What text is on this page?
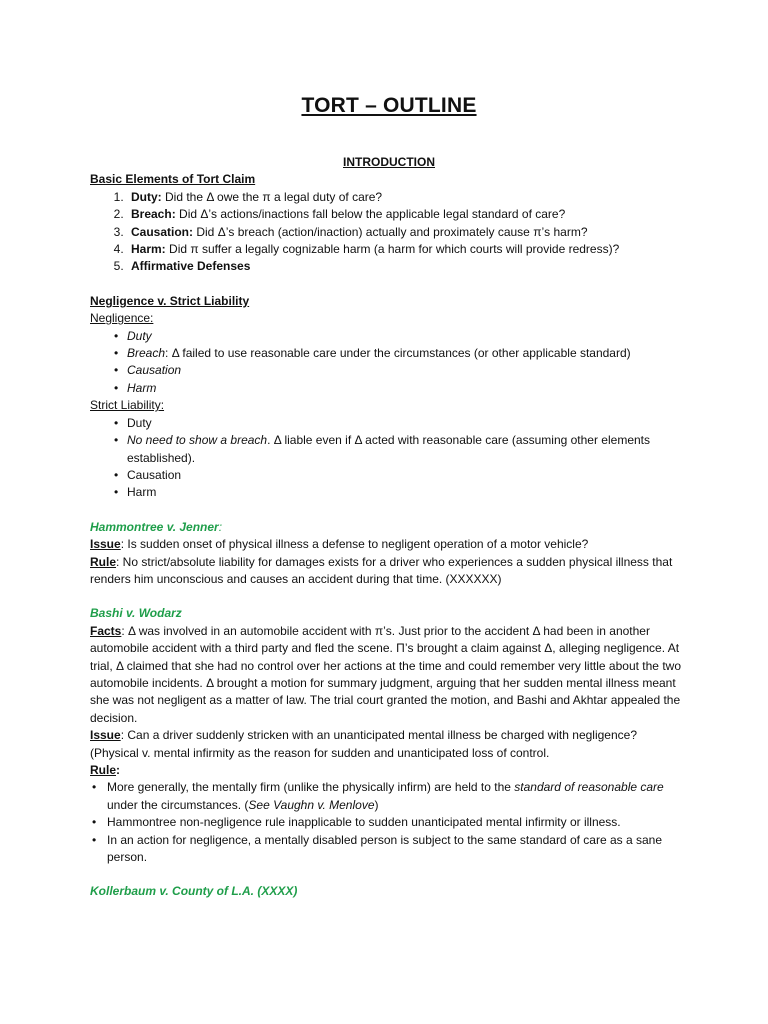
TORT – OUTLINE
INTRODUCTION
Basic Elements of Tort Claim
1. Duty: Did the Δ owe the π a legal duty of care?
2. Breach: Did Δ’s actions/inactions fall below the applicable legal standard of care?
3. Causation: Did Δ’s breach (action/inaction) actually and proximately cause π’s harm?
4. Harm: Did π suffer a legally cognizable harm (a harm for which courts will provide redress)?
5. Affirmative Defenses
Negligence v. Strict Liability
Negligence:
• Duty
• Breach: Δ failed to use reasonable care under the circumstances (or other applicable standard)
• Causation
• Harm
Strict Liability:
• Duty
• No need to show a breach. Δ liable even if Δ acted with reasonable care (assuming other elements established).
• Causation
• Harm

Hammontree v. Jenner:

Issue: Is sudden onset of physical illness a defense to negligent operation of a motor vehicle?

Rule: No strict/absolute liability for damages exists for a driver who experiences a sudden physical illness that renders him unconscious and causes an accident during that time. (XXXXXX)

Bashi v. Wodarz

Facts: Δ was involved in an automobile accident with π’s. Just prior to the accident Δ had been in another automobile accident with a third party and fled the scene. Π’s brought a claim against Δ, alleging negligence. At trial, Δ claimed that she had no control over her actions at the time and could remember very little about the two automobile incidents. Δ brought a motion for summary judgment, arguing that her sudden mental illness meant she was not negligent as a matter of law. The trial court granted the motion, and Bashi and Akhtar appealed the decision.

Issue: Can a driver suddenly stricken with an unanticipated mental illness be charged with negligence? (Physical v. mental infirmity as the reason for sudden and unanticipated loss of control.

Rule:

• More generally, the mentally firm (unlike the physically infirm) are held to the standard of reasonable care under the circumstances. (See Vaughn v. Menlove)
• Hammontree non-negligence rule inapplicable to sudden unanticipated mental infirmity or illness.
• In an action for negligence, a mentally disabled person is subject to the same standard of care as a sane person.

Kollerbaum v. County of L.A. (XXXX)
